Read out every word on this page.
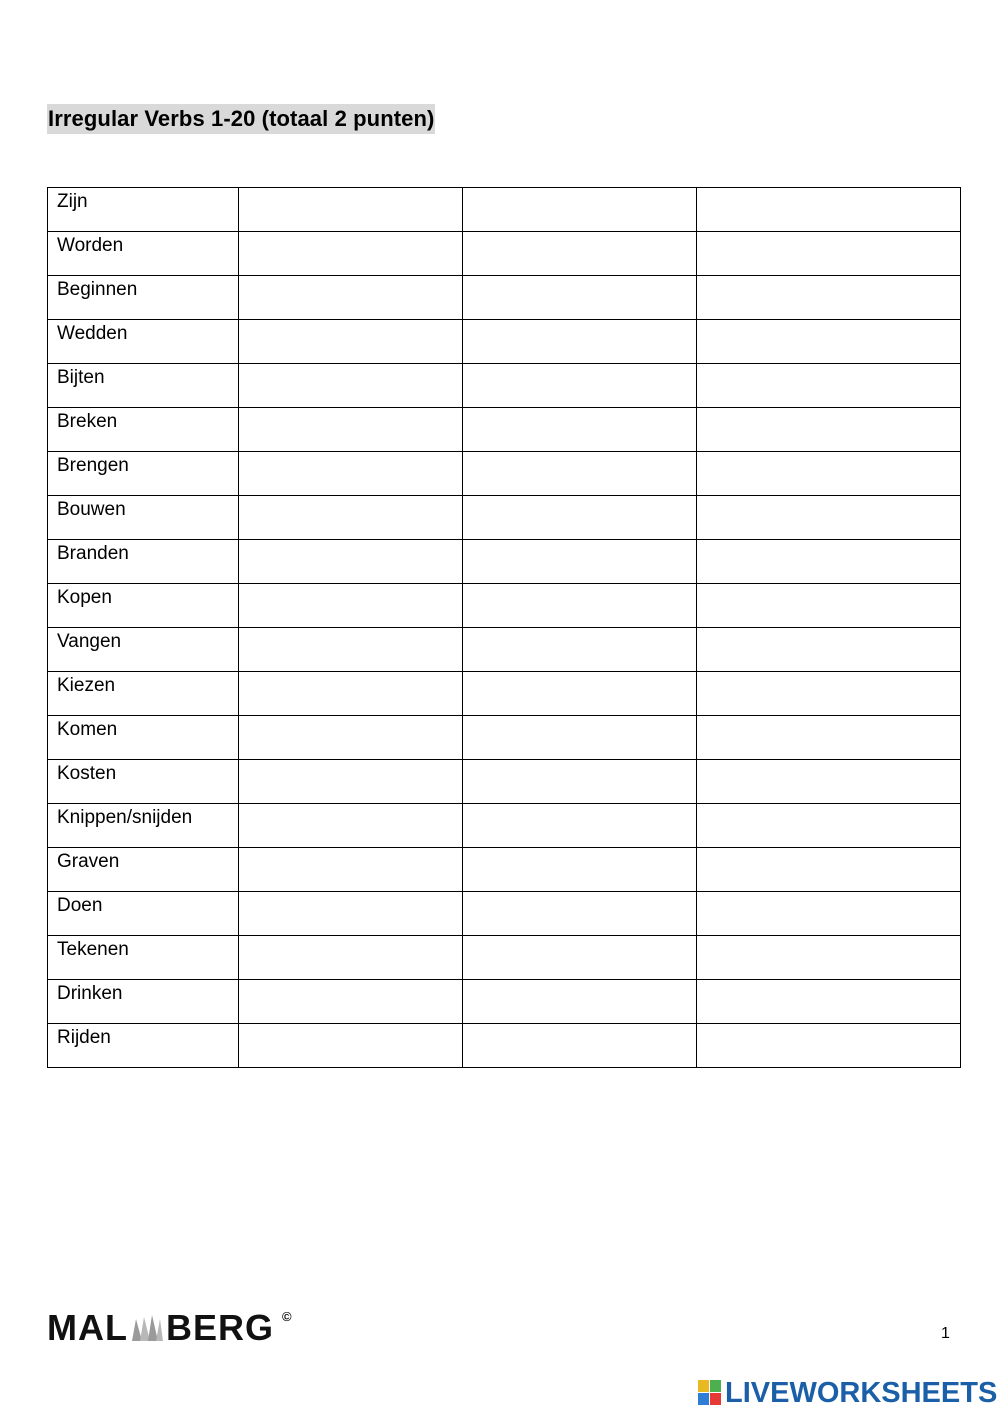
Irregular Verbs 1-20 (totaal 2 punten)
Zijn			
Worden			
Beginnen			
Wedden			
Bijten			
Breken			
Brengen			
Bouwen			
Branden			
Kopen			
Vangen			
Kiezen			
Komen			
Kosten			
Knippen/snijden			
Graven			
Doen			
Tekenen			
Drinken			
Rijden			
MAL BERG ©
1
LIVEWORKSHEETS
